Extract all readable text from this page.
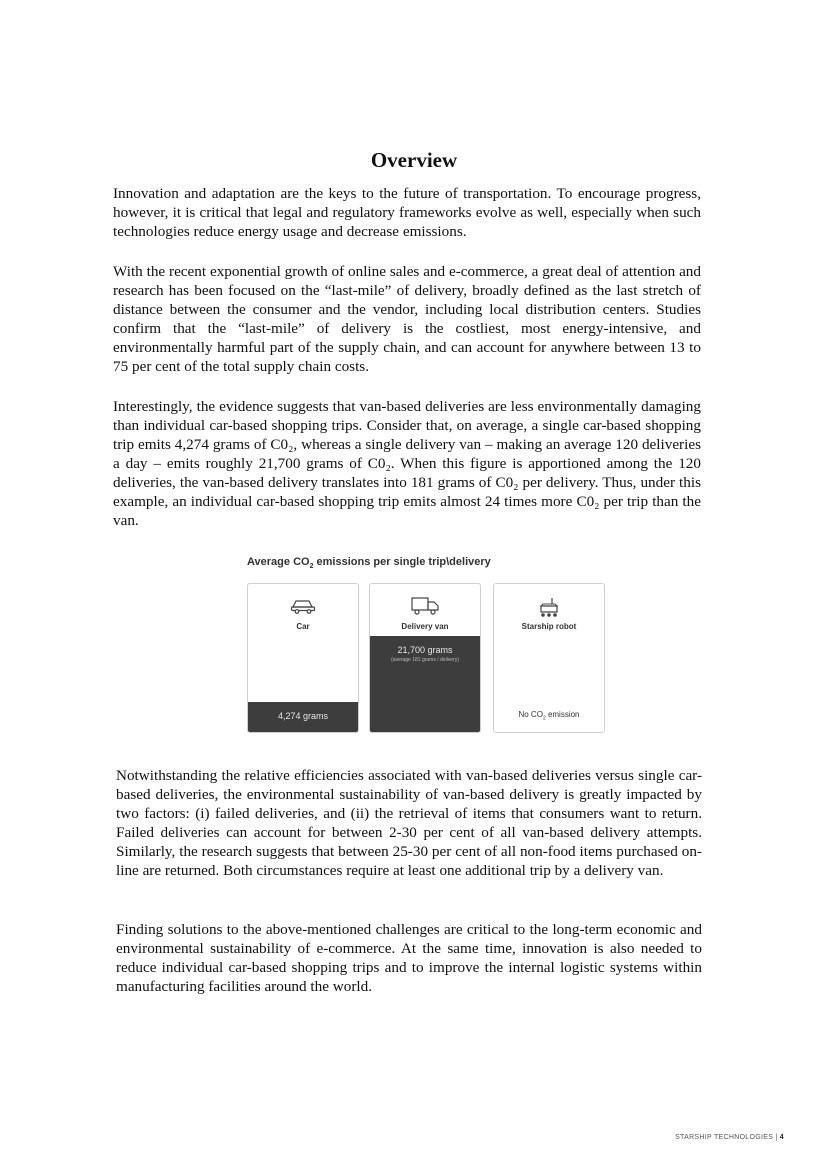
Overview

Innovation and adaptation are the keys to the future of transportation. To encourage progress, however, it is critical that legal and regulatory frameworks evolve as well, especially when such technologies reduce energy usage and decrease emissions.

With the recent exponential growth of online sales and e-commerce, a great deal of attention and research has been focused on the “last-mile” of delivery, broadly defined as the last stretch of distance between the consumer and the vendor, including local distribution centers. Studies confirm that the “last-mile” of delivery is the costliest, most energy-intensive, and environmentally harmful part of the supply chain, and can account for anywhere between 13 to 75 per cent of the total supply chain costs.

Interestingly, the evidence suggests that van-based deliveries are less environmentally damaging than individual car-based shopping trips. Consider that, on average, a single car-based shopping trip emits 4,274 grams of C0₂, whereas a single delivery van – making an average 120 deliveries a day – emits roughly 21,700 grams of C0₂. When this figure is apportioned among the 120 deliveries, the van-based delivery translates into 181 grams of C0₂ per delivery. Thus, under this example, an individual car-based shopping trip emits almost 24 times more C0₂ per trip than the van.

Average $CO_2$ emissions per single trip\delivery
Car
4,274 grams
Delivery van
21,700 grams
(average 181 grams / delivery)
Starship robot
No $CO_2$ emission

Notwithstanding the relative efficiencies associated with van-based deliveries versus single car-based deliveries, the environmental sustainability of van-based delivery is greatly impacted by two factors: (i) failed deliveries, and (ii) the retrieval of items that consumers want to return. Failed deliveries can account for between 2-30 per cent of all van-based delivery attempts. Similarly, the research suggests that between 25-30 per cent of all non-food items purchased on-line are returned. Both circumstances require at least one additional trip by a delivery van.

Finding solutions to the above-mentioned challenges are critical to the long-term economic and environmental sustainability of e-commerce. At the same time, innovation is also needed to reduce individual car-based shopping trips and to improve the internal logistic systems within manufacturing facilities around the world.

STARSHIP TECHNOLOGIES | 4
